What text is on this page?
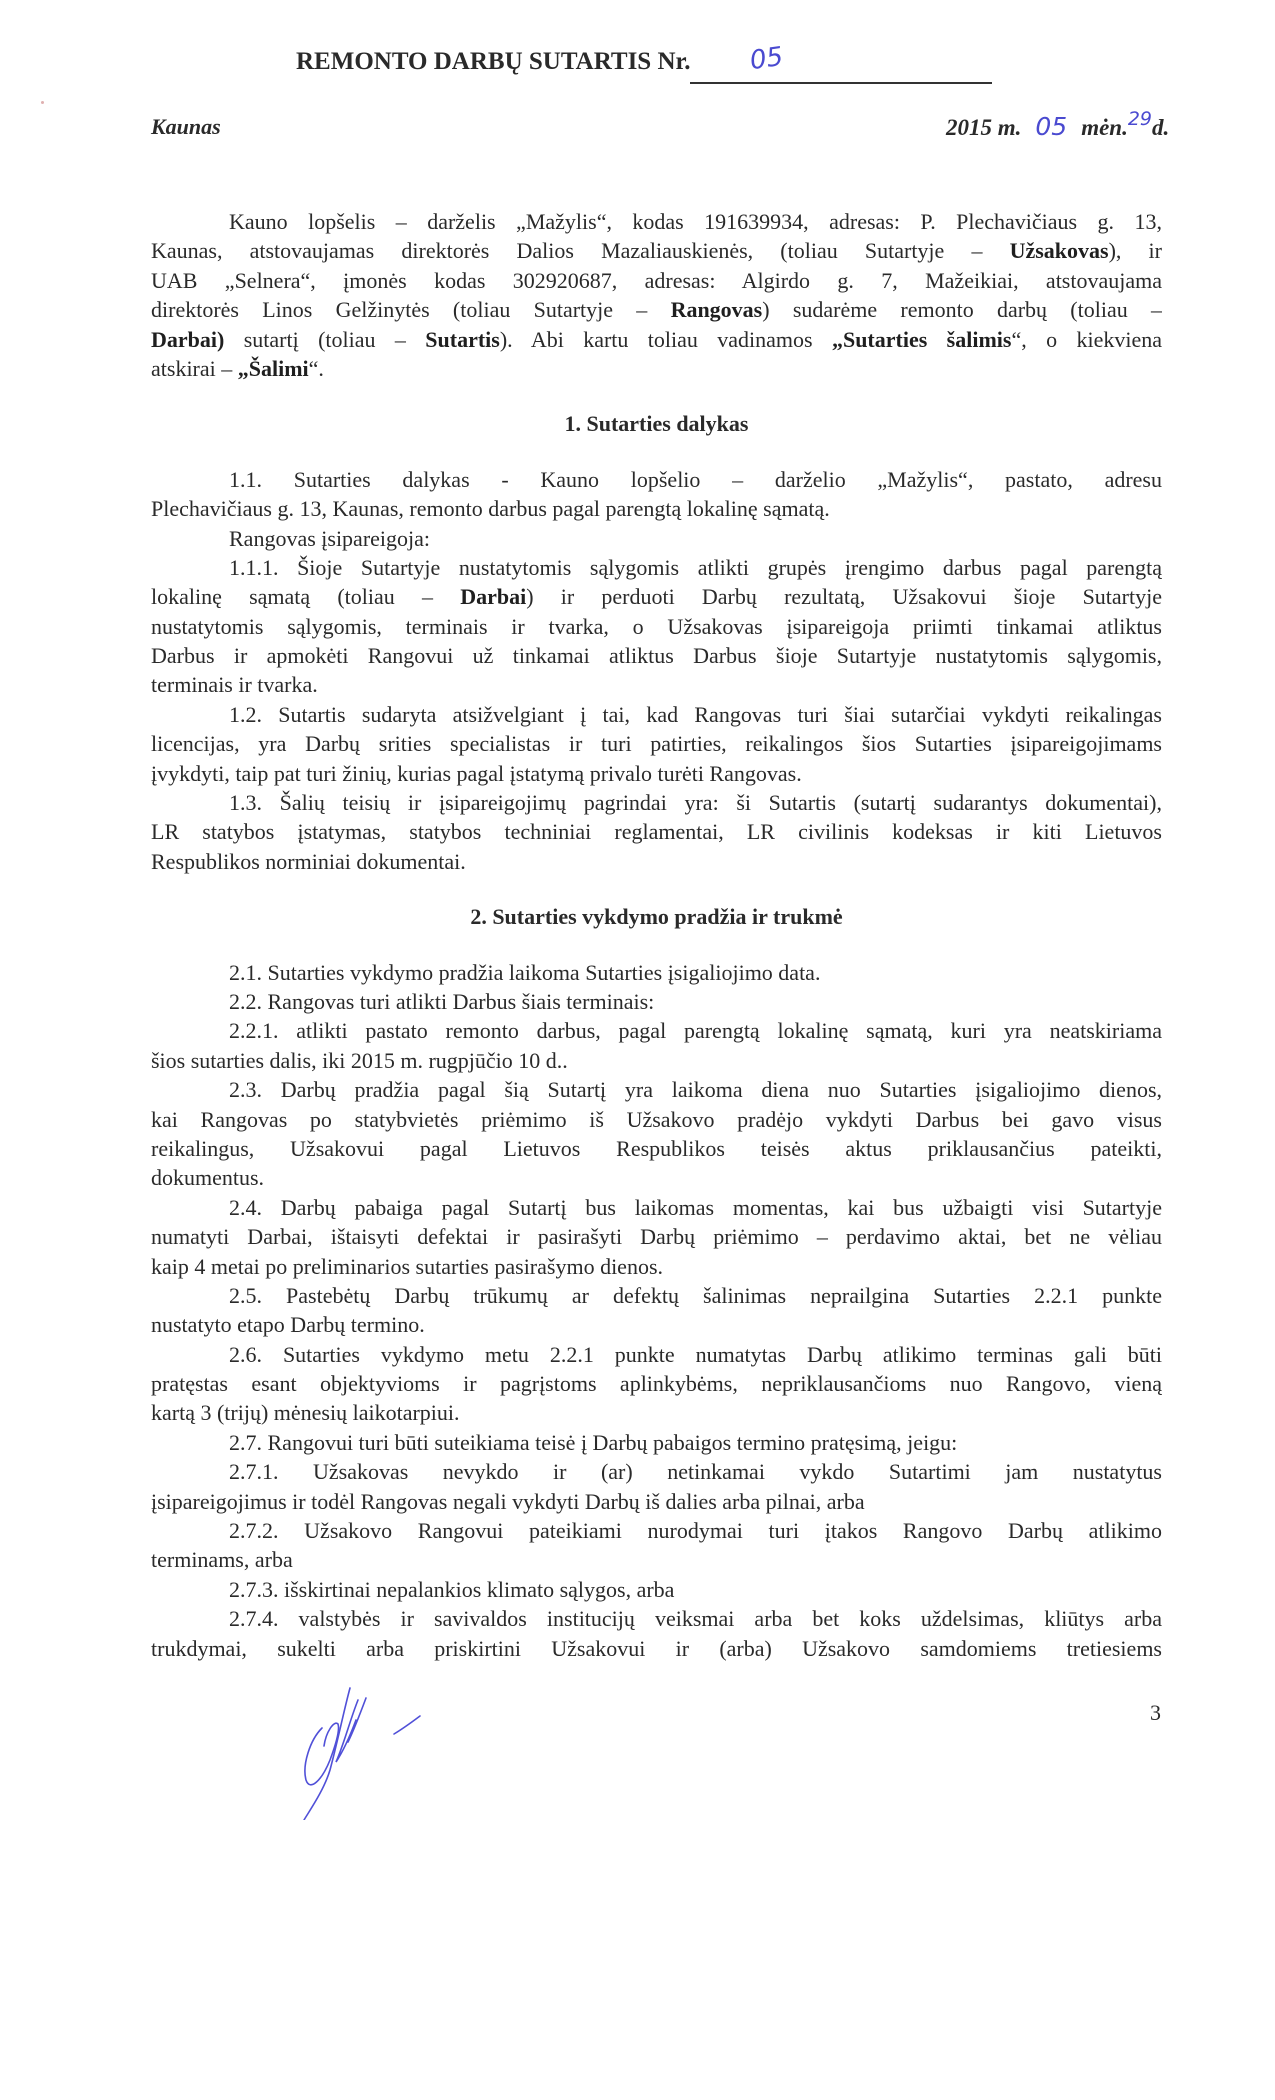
REMONTO DARBŲ SUTARTIS Nr. 05
Kaunas	2015 m. 05 mėn.$^{29}$d.
Kauno lopšelis – darželis „Mažylis“, kodas 191639934, adresas: P. Plechavičiaus g. 13,
Kaunas, atstovaujamas direktorės Dalios Mazaliauskienės, (toliau Sutartyje – Užsakovas), ir
UAB „Selnera“, įmonės kodas 302920687, adresas: Algirdo g. 7, Mažeikiai, atstovaujama
direktorės Linos Gelžinytės (toliau Sutartyje – Rangovas) sudarėme remonto darbų (toliau –
Darbai) sutartį (toliau – Sutartis). Abi kartu toliau vadinamos „Sutarties šalimis“, o kiekviena
atskirai – „Šalimi“.
1. Sutarties dalykas
1.1. Sutarties dalykas - Kauno lopšelio – darželio „Mažylis“, pastato, adresu
Plechavičiaus g. 13, Kaunas, remonto darbus pagal parengtą lokalinę sąmatą.
Rangovas įsipareigoja:
1.1.1. Šioje Sutartyje nustatytomis sąlygomis atlikti grupės įrengimo darbus pagal parengtą
lokalinę sąmatą (toliau – Darbai) ir perduoti Darbų rezultatą, Užsakovui šioje Sutartyje
nustatytomis sąlygomis, terminais ir tvarka, o Užsakovas įsipareigoja priimti tinkamai atliktus
Darbus ir apmokėti Rangovui už tinkamai atliktus Darbus šioje Sutartyje nustatytomis sąlygomis,
terminais ir tvarka.
1.2. Sutartis sudaryta atsižvelgiant į tai, kad Rangovas turi šiai sutarčiai vykdyti reikalingas
licencijas, yra Darbų srities specialistas ir turi patirties, reikalingos šios Sutarties įsipareigojimams
įvykdyti, taip pat turi žinių, kurias pagal įstatymą privalo turėti Rangovas.
1.3. Šalių teisių ir įsipareigojimų pagrindai yra: ši Sutartis (sutartį sudarantys dokumentai),
LR statybos įstatymas, statybos techniniai reglamentai, LR civilinis kodeksas ir kiti Lietuvos
Respublikos norminiai dokumentai.
2. Sutarties vykdymo pradžia ir trukmė
2.1. Sutarties vykdymo pradžia laikoma Sutarties įsigaliojimo data.
2.2. Rangovas turi atlikti Darbus šiais terminais:
2.2.1. atlikti pastato remonto darbus, pagal parengtą lokalinę sąmatą, kuri yra neatskiriama
šios sutarties dalis, iki 2015 m. rugpjūčio 10 d..
2.3. Darbų pradžia pagal šią Sutartį yra laikoma diena nuo Sutarties įsigaliojimo dienos,
kai Rangovas po statybvietės priėmimo iš Užsakovo pradėjo vykdyti Darbus bei gavo visus
reikalingus, Užsakovui pagal Lietuvos Respublikos teisės aktus priklausančius pateikti,
dokumentus.
2.4. Darbų pabaiga pagal Sutartį bus laikomas momentas, kai bus užbaigti visi Sutartyje
numatyti Darbai, ištaisyti defektai ir pasirašyti Darbų priėmimo – perdavimo aktai, bet ne vėliau
kaip 4 metai po preliminarios sutarties pasirašymo dienos.
2.5. Pastebėtų Darbų trūkumų ar defektų šalinimas neprailgina Sutarties 2.2.1 punkte
nustatyto etapo Darbų termino.
2.6. Sutarties vykdymo metu 2.2.1 punkte numatytas Darbų atlikimo terminas gali būti
pratęstas esant objektyvioms ir pagrįstoms aplinkybėms, nepriklausančioms nuo Rangovo, vieną
kartą 3 (trijų) mėnesių laikotarpiui.
2.7. Rangovui turi būti suteikiama teisė į Darbų pabaigos termino pratęsimą, jeigu:
2.7.1. Užsakovas nevykdo ir (ar) netinkamai vykdo Sutartimi jam nustatytus
įsipareigojimus ir todėl Rangovas negali vykdyti Darbų iš dalies arba pilnai, arba
2.7.2. Užsakovo Rangovui pateikiami nurodymai turi įtakos Rangovo Darbų atlikimo
terminams, arba
2.7.3. išskirtinai nepalankios klimato sąlygos, arba
2.7.4. valstybės ir savivaldos institucijų veiksmai arba bet koks uždelsimas, kliūtys arba
trukdymai, sukelti arba priskirtini Užsakovui ir (arba) Užsakovo samdomiems tretiesiems
3
